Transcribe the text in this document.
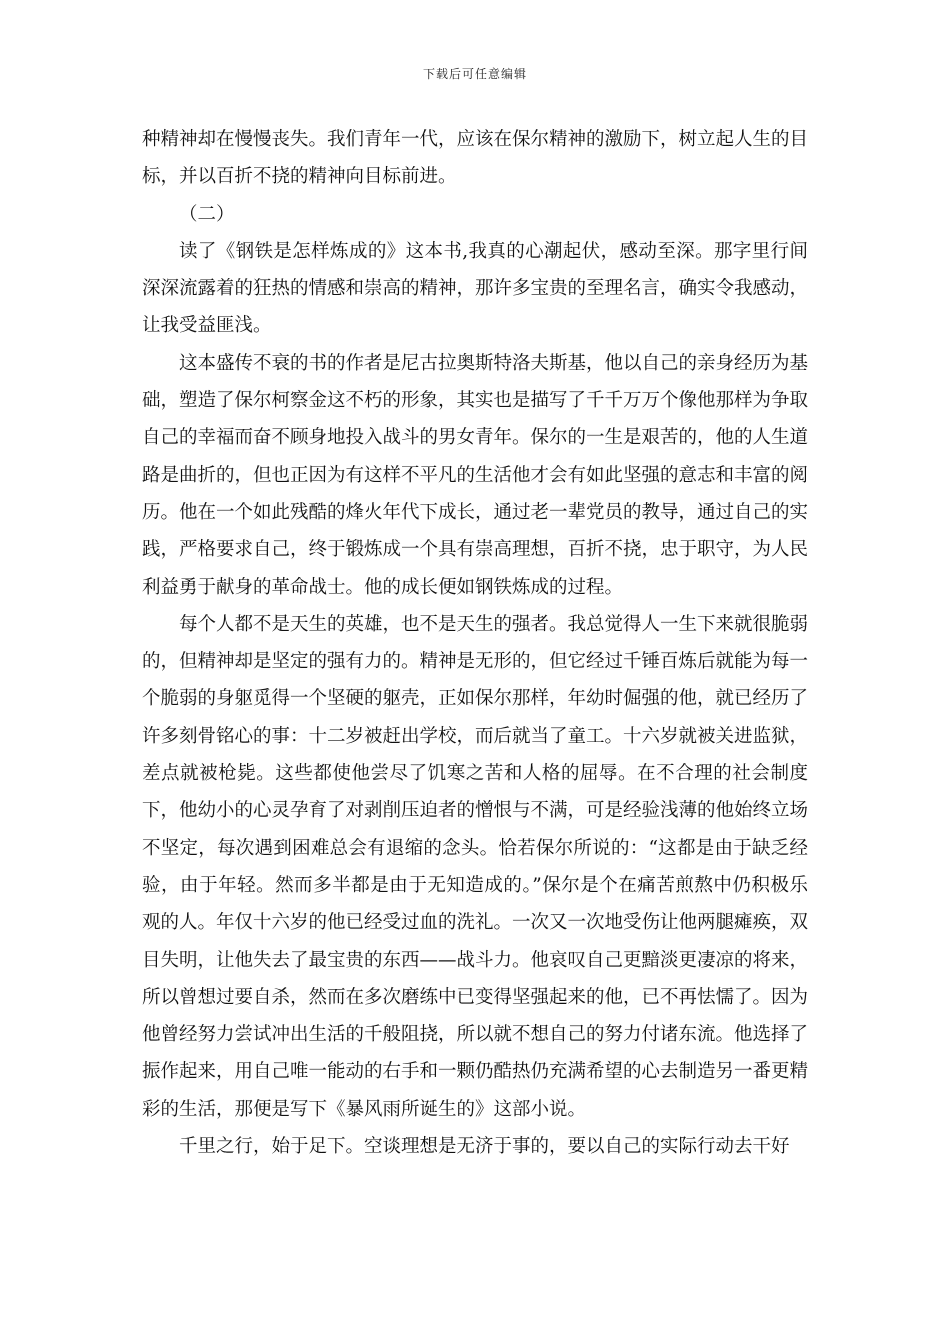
下载后可任意编辑

种精神却在慢慢丧失。我们青年一代，应该在保尔精神的激励下，树立起人生的目标，并以百折不挠的精神向目标前进。

（二）

读了《钢铁是怎样炼成的》这本书,我真的心潮起伏，感动至深。那字里行间深深流露着的狂热的情感和崇高的精神，那许多宝贵的至理名言，确实令我感动，让我受益匪浅。

这本盛传不衰的书的作者是尼古拉奥斯特洛夫斯基，他以自己的亲身经历为基础，塑造了保尔柯察金这不朽的形象，其实也是描写了千千万万个像他那样为争取自己的幸福而奋不顾身地投入战斗的男女青年。保尔的一生是艰苦的，他的人生道路是曲折的，但也正因为有这样不平凡的生活他才会有如此坚强的意志和丰富的阅历。他在一个如此残酷的烽火年代下成长，通过老一辈党员的教导，通过自己的实践，严格要求自己，终于锻炼成一个具有崇高理想，百折不挠，忠于职守，为人民利益勇于献身的革命战士。他的成长便如钢铁炼成的过程。

每个人都不是天生的英雄，也不是天生的强者。我总觉得人一生下来就很脆弱的，但精神却是坚定的强有力的。精神是无形的，但它经过千锤百炼后就能为每一个脆弱的身躯觅得一个坚硬的躯壳，正如保尔那样，年幼时倔强的他，就已经历了许多刻骨铭心的事：十二岁被赶出学校，而后就当了童工。十六岁就被关进监狱，差点就被枪毙。这些都使他尝尽了饥寒之苦和人格的屈辱。在不合理的社会制度下，他幼小的心灵孕育了对剥削压迫者的憎恨与不满，可是经验浅薄的他始终立场不坚定，每次遇到困难总会有退缩的念头。恰若保尔所说的：“这都是由于缺乏经验，由于年轻。然而多半都是由于无知造成的。”保尔是个在痛苦煎熬中仍积极乐观的人。年仅十六岁的他已经受过血的洗礼。一次又一次地受伤让他两腿瘫痪，双目失明，让他失去了最宝贵的东西——战斗力。他哀叹自己更黯淡更凄凉的将来，所以曾想过要自杀，然而在多次磨练中已变得坚强起来的他，已不再怯懦了。因为他曾经努力尝试冲出生活的千般阻挠，所以就不想自己的努力付诸东流。他选择了振作起来，用自己唯一能动的右手和一颗仍酷热仍充满希望的心去制造另一番更精彩的生活，那便是写下《暴风雨所诞生的》这部小说。

千里之行，始于足下。空谈理想是无济于事的，要以自己的实际行动去干好
